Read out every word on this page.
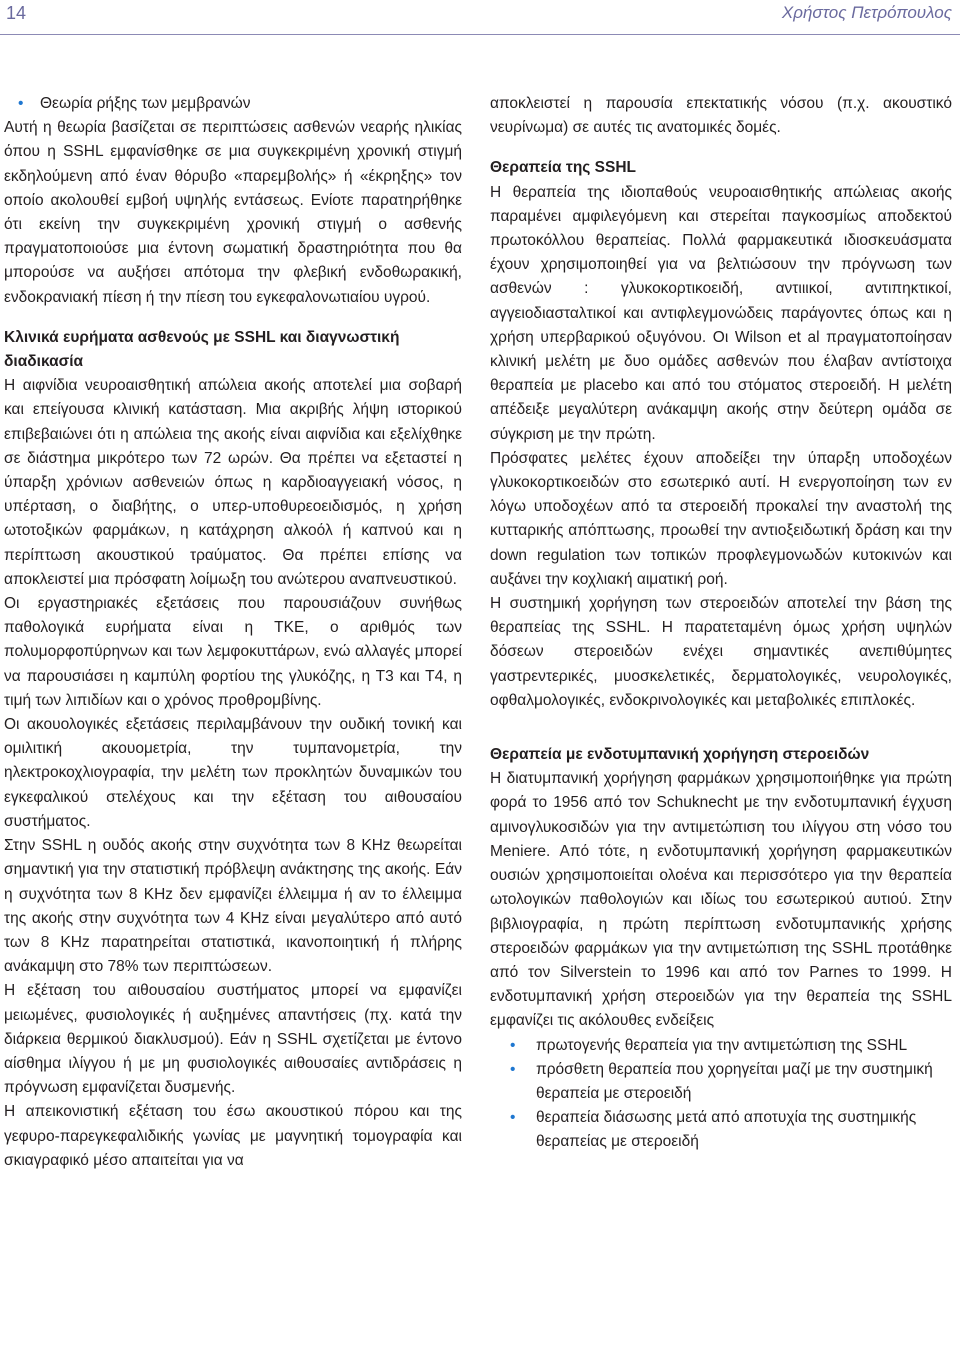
14	Χρήστος Πετρόπουλος

• Θεωρία ρήξης των μεμβρανών

Αυτή η θεωρία βασίζεται σε περιπτώσεις ασθενών νεαρής ηλικίας όπου η SSHL εμφανίσθηκε σε μια συγκεκριμένη χρονική στιγμή εκδηλούμενη από έναν θόρυβο «παρεμβολής» ή «έκρηξης» τον οποίο ακολουθεί εμβοή υψηλής εντάσεως. Ενίοτε παρατηρήθηκε ότι εκείνη την συγκεκριμένη χρονική στιγμή ο ασθενής πραγματοποιούσε μια έντονη σωματική δραστηριότητα που θα μπορούσε να αυξήσει απότομα την φλεβική ενδοθωρακική, ενδοκρανιακή πίεση ή την πίεση του εγκεφαλονωτιαίου υγρού.

Κλινικά ευρήματα ασθενούς με SSHL και διαγνωστική διαδικασία

Η αιφνίδια νευροαισθητική απώλεια ακοής αποτελεί μια σοβαρή και επείγουσα κλινική κατάσταση. Μια ακριβής λήψη ιστορικού επιβεβαιώνει ότι η απώλεια της ακοής είναι αιφνίδια και εξελίχθηκε σε διάστημα μικρότερο των 72 ωρών. Θα πρέπει να εξεταστεί η ύπαρξη χρόνιων ασθενειών όπως η καρδιοαγγειακή νόσος, η υπέρταση, ο διαβήτης, ο υπερ-υποθυρεοειδισμός, η χρήση ωτοτοξικών φαρμάκων, η κατάχρηση αλκοόλ ή καπνού και η περίπτωση ακουστικού τραύματος. Θα πρέπει επίσης να αποκλειστεί μια πρόσφατη λοίμωξη του ανώτερου αναπνευστικού.

Οι εργαστηριακές εξετάσεις που παρουσιάζουν συνήθως παθολογικά ευρήματα είναι η ΤΚΕ, ο αριθμός των πολυμορφοπύρηνων και των λεμφοκυττάρων, ενώ αλλαγές μπορεί να παρουσιάσει η καμπύλη φορτίου της γλυκόζης, η Τ3 και Τ4, η τιμή των λιπιδίων και ο χρόνος προθρομβίνης.

Οι ακουολογικές εξετάσεις περιλαμβάνουν την ουδική τονική και ομιλιτική ακουομετρία, την τυμπανομετρία, την ηλεκτροκοχλιογραφία, την μελέτη των προκλητών δυναμικών του εγκεφαλικού στελέχους και την εξέταση του αιθουσαίου συστήματος.

Στην SSHL η ουδός ακοής στην συχνότητα των 8 KHz θεωρείται σημαντική για την στατιστική πρόβλεψη ανάκτησης της ακοής. Εάν η συχνότητα των 8 KHz δεν εμφανίζει έλλειμμα ή αν το έλλειμμα της ακοής στην συχνότητα των 4 KHz είναι μεγαλύτερο από αυτό των 8 KHz παρατηρείται στατιστικά, ικανοποιητική ή πλήρης ανάκαμψη στο 78% των περιπτώσεων.

Η εξέταση του αιθουσαίου συστήματος μπορεί να εμφανίζει μειωμένες, φυσιολογικές ή αυξημένες απαντήσεις (πχ. κατά την διάρκεια θερμικού διακλυσμού). Εάν η SSHL σχετίζεται με έντονο αίσθημα ιλίγγου ή με μη φυσιολογικές αιθουσαίες αντιδράσεις η πρόγνωση εμφανίζεται δυσμενής.

Η απεικονιστική εξέταση του έσω ακουστικού πόρου και της γεφυρο-παρεγκεφαλιδικής γωνίας με μαγνητική τομογραφία και σκιαγραφικό μέσο απαιτείται για να

αποκλειστεί η παρουσία επεκτατικής νόσου (π.χ. ακουστικό νευρίνωμα) σε αυτές τις ανατομικές δομές.

Θεραπεία της SSHL

Η θεραπεία της ιδιοπαθούς νευροαισθητικής απώλειας ακοής παραμένει αμφιλεγόμενη και στερείται παγκοσμίως αποδεκτού πρωτοκόλλου θεραπείας. Πολλά φαρμακευτικά ιδιοσκευάσματα έχουν χρησιμοποιηθεί για να βελτιώσουν την πρόγνωση των ασθενών : γλυκοκορτικοειδή, αντιιικοί, αντιπηκτικοί, αγγειοδιασταλτικοί και αντιφλεγμονώδεις παράγοντες όπως και η χρήση υπερβαρικού οξυγόνου. Οι Wilson et al πραγματοποίησαν κλινική μελέτη με δυο ομάδες ασθενών που έλαβαν αντίστοιχα θεραπεία με placebo και από του στόματος στεροειδή. Η μελέτη απέδειξε μεγαλύτερη ανάκαμψη ακοής στην δεύτερη ομάδα σε σύγκριση με την πρώτη.

Πρόσφατες μελέτες έχουν αποδείξει την ύπαρξη υποδοχέων γλυκοκορτικοειδών στο εσωτερικό αυτί. Η ενεργοποίηση των εν λόγω υποδοχέων από τα στεροειδή προκαλεί την αναστολή της κυτταρικής απόπτωσης, προωθεί την αντιοξειδωτική δράση και την down regulation των τοπικών προφλεγμονωδών κυτοκινών και αυξάνει την κοχλιακή αιματική ροή.

Η συστημική χορήγηση των στεροειδών αποτελεί την βάση της θεραπείας της SSHL. Η παρατεταμένη όμως χρήση υψηλών δόσεων στεροειδών ενέχει σημαντικές ανεπιθύμητες γαστρεντερικές, μυοσκελετικές, δερματολογικές, νευρολογικές, οφθαλμολογικές, ενδοκρινολογικές και μεταβολικές επιπλοκές.

Θεραπεία με ενδοτυμπανική χορήγηση στεροειδών

Η διατυμπανική χορήγηση φαρμάκων χρησιμοποιήθηκε για πρώτη φορά το 1956 από τον Schuknecht με την ενδοτυμπανική έγχυση αμινογλυκοσιδών για την αντιμετώπιση του ιλίγγου στη νόσο του Meniere. Από τότε, η ενδοτυμπανική χορήγηση φαρμακευτικών ουσιών χρησιμοποιείται ολοένα και περισσότερο για την θεραπεία ωτολογικών παθολογιών και ιδίως του εσωτερικού αυτιού. Στην βιβλιογραφία, η πρώτη περίπτωση ενδοτυμπανικής χρήσης στεροειδών φαρμάκων για την αντιμετώπιση της SSHL προτάθηκε από τον Silverstein το 1996 και από τον Parnes το 1999. Η ενδοτυμπανική χρήση στεροειδών για την θεραπεία της SSHL εμφανίζει τις ακόλουθες ενδείξεις

• πρωτογενής θεραπεία για την αντιμετώπιση της SSHL
• πρόσθετη θεραπεία που χορηγείται μαζί με την συστημική θεραπεία με στεροειδή
• θεραπεία διάσωσης μετά από αποτυχία της συστημικής θεραπείας με στεροειδή
